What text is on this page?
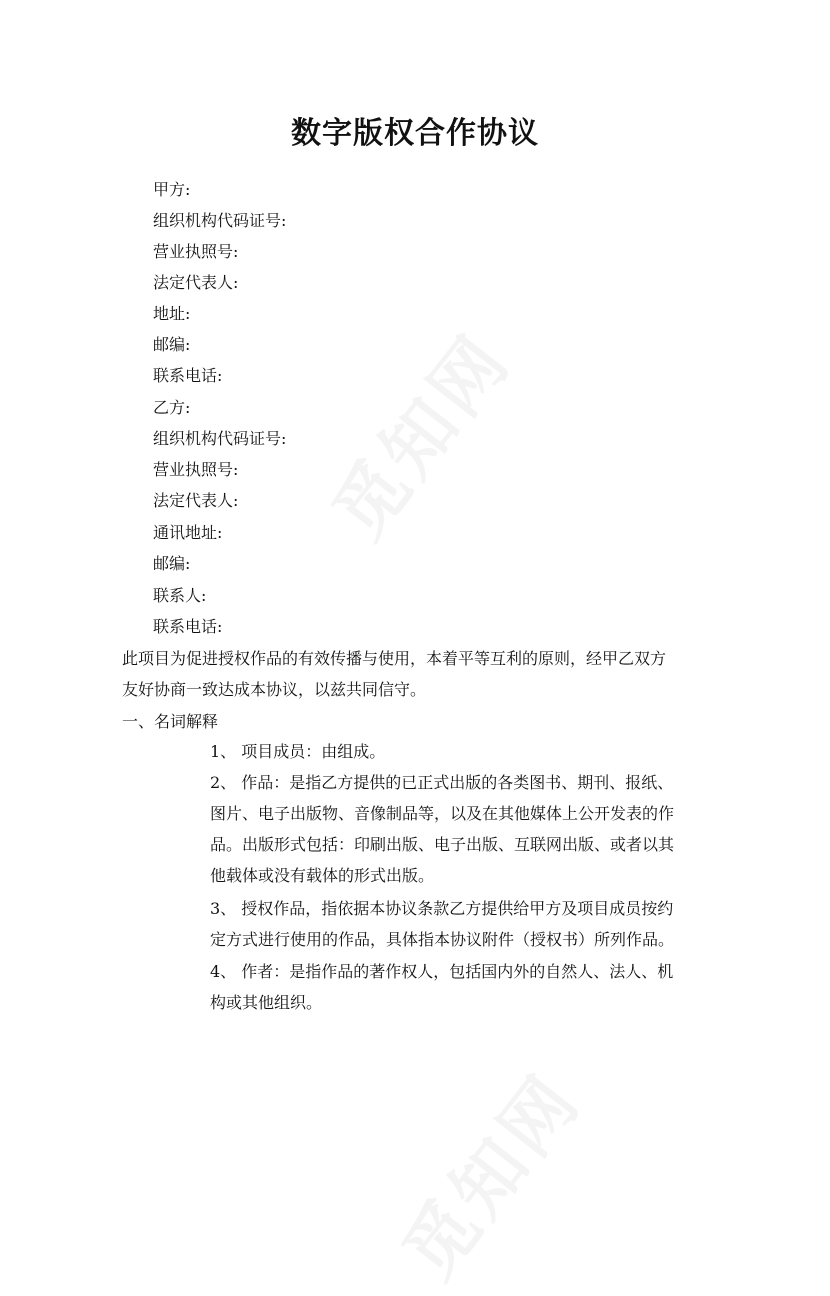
数字版权合作协议
甲方:
组织机构代码证号:
营业执照号:
法定代表人:
地址:
邮编:
联系电话:
乙方:
组织机构代码证号:
营业执照号:
法定代表人:
通讯地址:
邮编:
联系人:
联系电话:
此项目为促进授权作品的有效传播与使用，本着平等互利的原则，经甲乙双方
友好协商一致达成本协议，以兹共同信守。
一、名词解释
1、 项目成员：由组成。
2、 作品：是指乙方提供的已正式出版的各类图书、期刊、报纸、
图片、电子出版物、音像制品等，以及在其他媒体上公开发表的作
品。出版形式包括：印刷出版、电子出版、互联网出版、或者以其
他载体或没有载体的形式出版。
3、 授权作品，指依据本协议条款乙方提供给甲方及项目成员按约
定方式进行使用的作品，具体指本协议附件（授权书）所列作品。
4、 作者：是指作品的著作权人，包括国内外的自然人、法人、机
构或其他组织。
